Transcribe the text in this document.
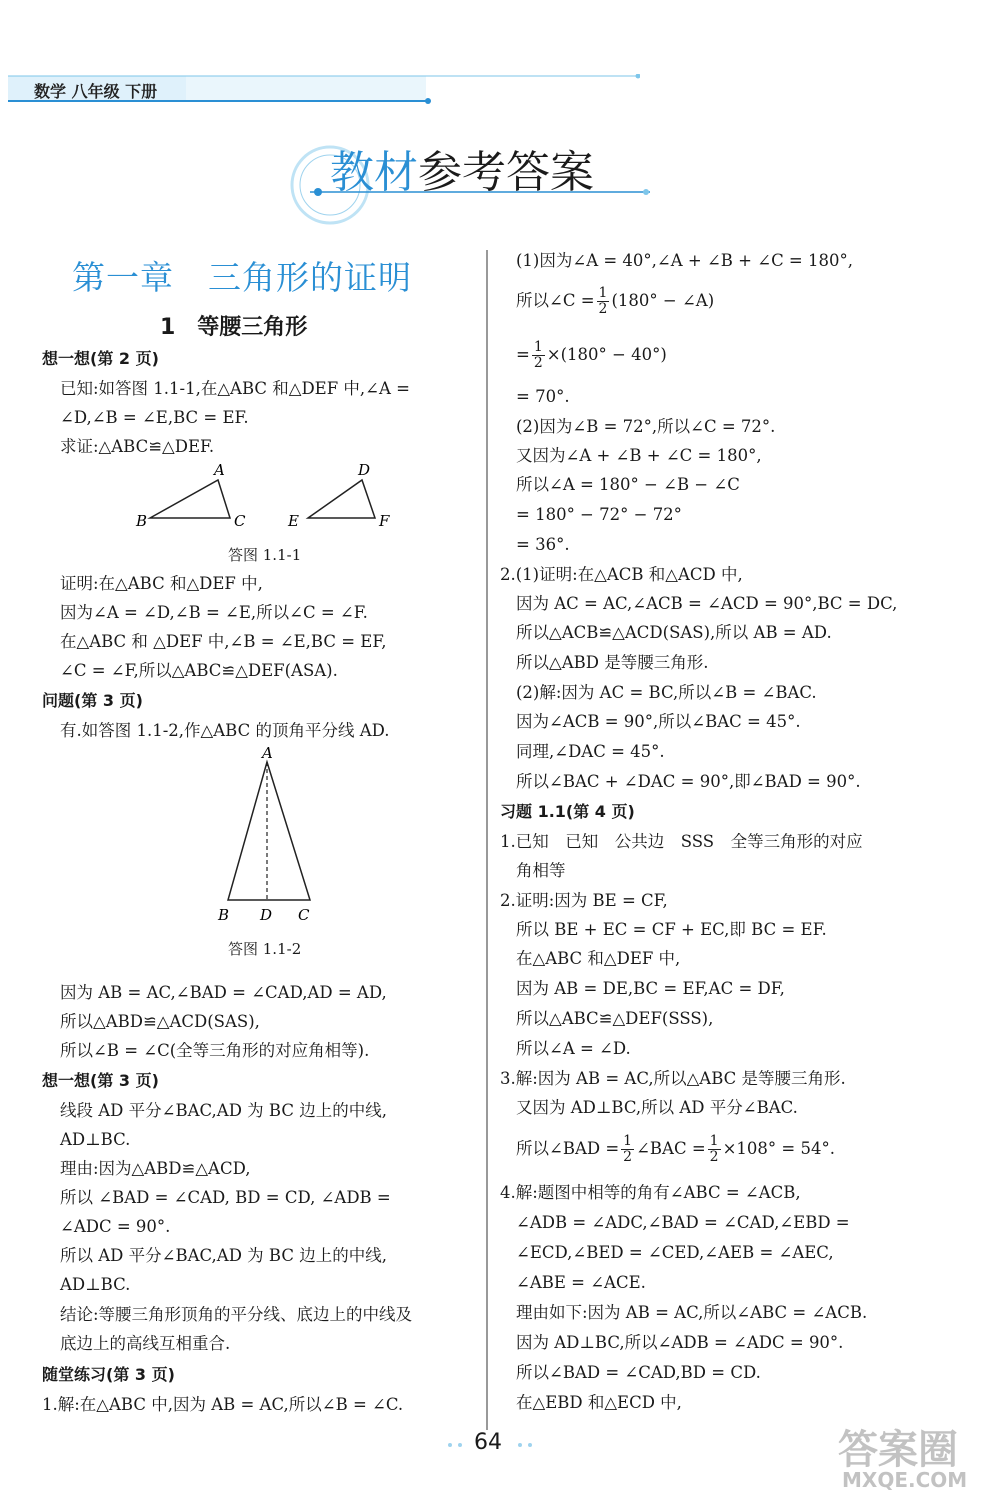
数学 八年级 下册
教材参考答案
第一章　三角形的证明
1　等腰三角形
想一想(第 2 页)
已知:如答图 1.1-1,在△ABC 和△DEF 中,∠A =
∠D,∠B = ∠E,BC = EF.
求证:△ABC≌△DEF.
A
B	C
D
E	F
答图 1.1-1
证明:在△ABC 和△DEF 中,
因为∠A = ∠D,∠B = ∠E,所以∠C = ∠F.
在△ABC 和 △DEF 中,∠B = ∠E,BC = EF,
∠C = ∠F,所以△ABC≌△DEF(ASA).
问题(第 3 页)
有.如答图 1.1-2,作△ABC 的顶角平分线 AD.
A
B D C
答图 1.1-2
因为 AB = AC,∠BAD = ∠CAD,AD = AD,
所以△ABD≌△ACD(SAS),
所以∠B = ∠C(全等三角形的对应角相等).
想一想(第 3 页)
线段 AD 平分∠BAC,AD 为 BC 边上的中线,
AD⊥BC.
理由:因为△ABD≌△ACD,
所以 ∠BAD = ∠CAD, BD = CD, ∠ADB =
∠ADC = 90°.
所以 AD 平分∠BAC,AD 为 BC 边上的中线,
AD⊥BC.
结论:等腰三角形顶角的平分线、底边上的中线及
底边上的高线互相重合.
随堂练习(第 3 页)
1.解:在△ABC 中,因为 AB = AC,所以∠B = ∠C.
(1)因为∠A = 40°,∠A + ∠B + ∠C = 180°,
所以∠C = $\frac{1}{2} (180^\circ$ − ∠A)
= $\frac{1}{2} \times(180^\circ - 40^\circ)$
= 70°.
(2)因为∠B = 72°,所以∠C = 72°.
又因为∠A + ∠B + ∠C = 180°,
所以∠A = 180° − ∠B − ∠C
= 180° − 72° − 72°
= 36°.
2.(1)证明:在△ACB 和△ACD 中,
因为 AC = AC,∠ACB = ∠ACD = 90°,BC = DC,
所以△ACB≌△ACD(SAS),所以 AB = AD.
所以△ABD 是等腰三角形.
(2)解:因为 AC = BC,所以∠B = ∠BAC.
因为∠ACB = 90°,所以∠BAC = 45°.
同理,∠DAC = 45°.
所以∠BAC + ∠DAC = 90°,即∠BAD = 90°.
习题 1.1(第 4 页)
1.已知　已知　公共边　SSS　全等三角形的对应
角相等
2.证明:因为 BE = CF,
所以 BE + EC = CF + EC,即 BC = EF.
在△ABC 和△DEF 中,
因为 AB = DE,BC = EF,AC = DF,
所以△ABC≌△DEF(SSS),
所以∠A = ∠D.
3.解:因为 AB = AC,所以△ABC 是等腰三角形.
又因为 AD⊥BC,所以 AD 平分∠BAC.
所以∠BAD = $\frac{1}{2}$ ∠BAC = $\frac{1}{2} \times 108^\circ = 54^\circ$.
4.解:题图中相等的角有∠ABC = ∠ACB,
∠ADB = ∠ADC,∠BAD = ∠CAD,∠EBD =
∠ECD,∠BED = ∠CED,∠AEB = ∠AEC,
∠ABE = ∠ACE.
理由如下:因为 AB = AC,所以∠ABC = ∠ACB.
因为 AD⊥BC,所以∠ADB = ∠ADC = 90°.
所以∠BAD = ∠CAD,BD = CD.
在△EBD 和△ECD 中,
64	答案圈
MXQE.COM
